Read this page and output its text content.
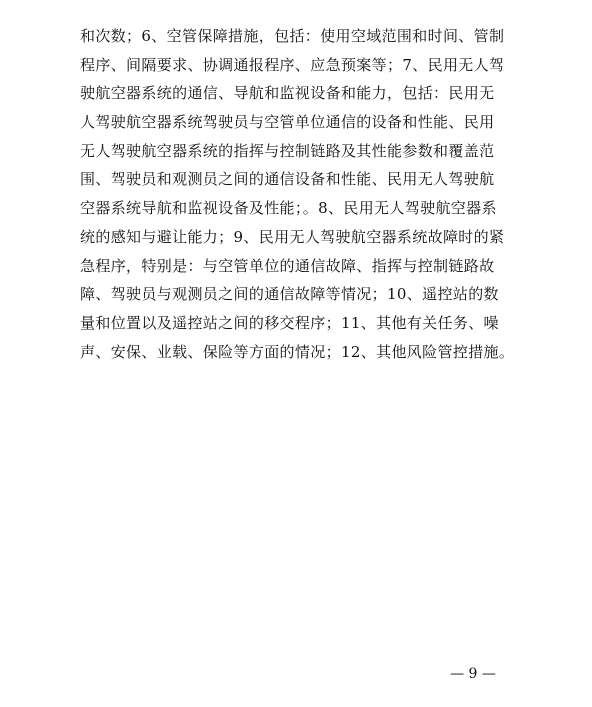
和次数；6、空管保障措施，包括：使用空域范围和时间、管制
程序、间隔要求、协调通报程序、应急预案等；7、民用无人驾
驶航空器系统的通信、导航和监视设备和能力，包括：民用无
人驾驶航空器系统驾驶员与空管单位通信的设备和性能、民用
无人驾驶航空器系统的指挥与控制链路及其性能参数和覆盖范
围、驾驶员和观测员之间的通信设备和性能、民用无人驾驶航
空器系统导航和监视设备及性能；。8、民用无人驾驶航空器系
统的感知与避让能力；9、民用无人驾驶航空器系统故障时的紧
急程序，特别是：与空管单位的通信故障、指挥与控制链路故
障、驾驶员与观测员之间的通信故障等情况；10、遥控站的数
量和位置以及遥控站之间的移交程序；11、其他有关任务、噪
声、安保、业载、保险等方面的情况；12、其他风险管控措施。
— 9 —
